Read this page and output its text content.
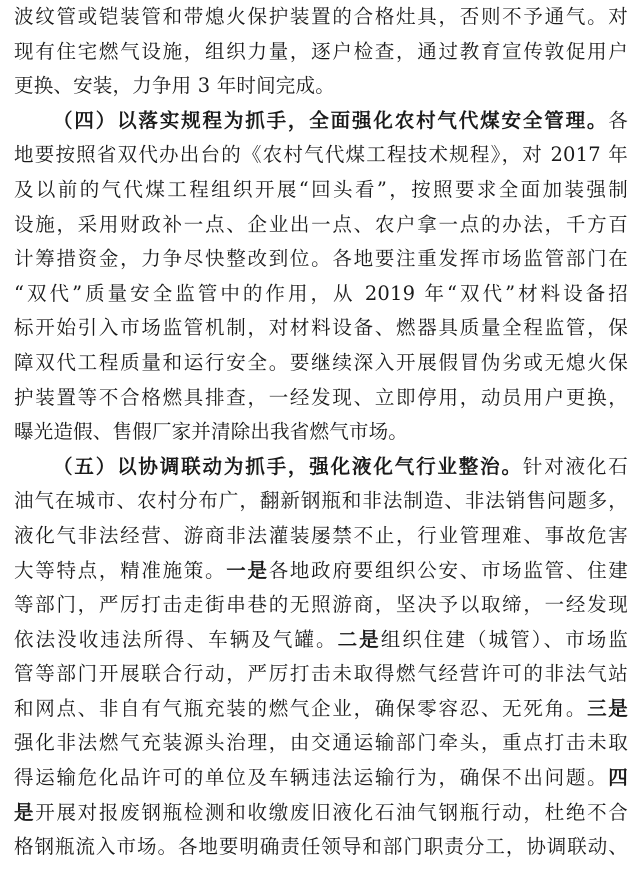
波纹管或铠装管和带熄火保护装置的合格灶具，否则不予通气。对
现有住宅燃气设施，组织力量，逐户检查，通过教育宣传敦促用户
更换、安装，力争用 3 年时间完成。
（四）以落实规程为抓手，全面强化农村气代煤安全管理。各
地要按照省双代办出台的《农村气代煤工程技术规程》，对 2017 年
及以前的气代煤工程组织开展“回头看”，按照要求全面加装强制
设施，采用财政补一点、企业出一点、农户拿一点的办法，千方百
计筹措资金，力争尽快整改到位。各地要注重发挥市场监管部门在
“双代”质量安全监管中的作用，从 2019 年“双代”材料设备招
标开始引入市场监管机制，对材料设备、燃器具质量全程监管，保
障双代工程质量和运行安全。要继续深入开展假冒伪劣或无熄火保
护装置等不合格燃具排查，一经发现、立即停用，动员用户更换，
曝光造假、售假厂家并清除出我省燃气市场。
（五）以协调联动为抓手，强化液化气行业整治。针对液化石
油气在城市、农村分布广，翻新钢瓶和非法制造、非法销售问题多，
液化气非法经营、游商非法灌装屡禁不止，行业管理难、事故危害
大等特点，精准施策。一是各地政府要组织公安、市场监管、住建
等部门，严厉打击走街串巷的无照游商，坚决予以取缔，一经发现
依法没收违法所得、车辆及气罐。二是组织住建（城管）、市场监
管等部门开展联合行动，严厉打击未取得燃气经营许可的非法气站
和网点、非自有气瓶充装的燃气企业，确保零容忍、无死角。三是
强化非法燃气充装源头治理，由交通运输部门牵头，重点打击未取
得运输危化品许可的单位及车辆违法运输行为，确保不出问题。四
是开展对报废钢瓶检测和收缴废旧液化石油气钢瓶行动，杜绝不合
格钢瓶流入市场。各地要明确责任领导和部门职责分工，协调联动、
